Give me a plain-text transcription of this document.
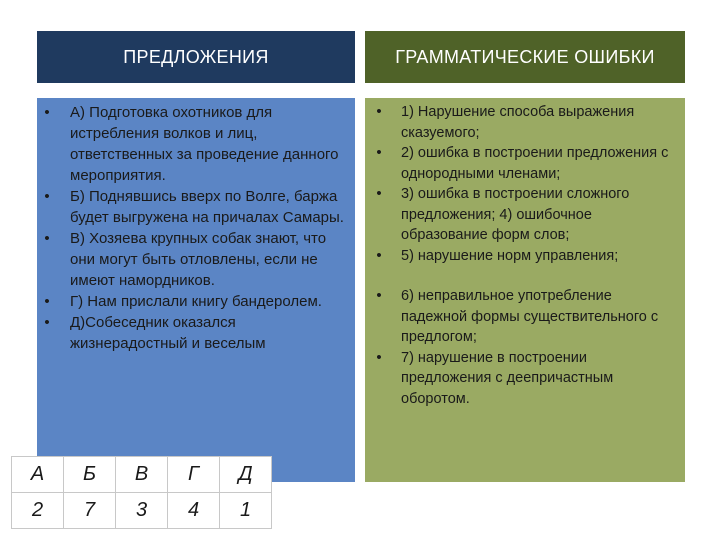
ПРЕДЛОЖЕНИЯ	ГРАММАТИЧЕСКИЕ ОШИБКИ
• А) Подготовка охотников для истребления волков и лиц, ответственных за проведение данного мероприятия.
• Б) Поднявшись вверх по Волге, баржа будет выгружена на причалах Самары.
• В) Хозяева крупных собак знают, что они могут быть отловлены, если не имеют намордников.
• Г) Нам прислали книгу бандеролем.
• Д)Собеседник оказался жизнерадостный и веселым
• 1) Нарушение способа выражения сказуемого;
• 2) ошибка в построении предложения с однородными членами;
• 3) ошибка в построении сложного предложения; 4) ошибочное образование форм слов;
• 5) нарушение норм управления;
• 6) неправильное употребление падежной формы существительного с предлогом;
• 7) нарушение в построении предложения с деепричастным оборотом.
А	Б	В	Г	Д
2	7	3	4	1
